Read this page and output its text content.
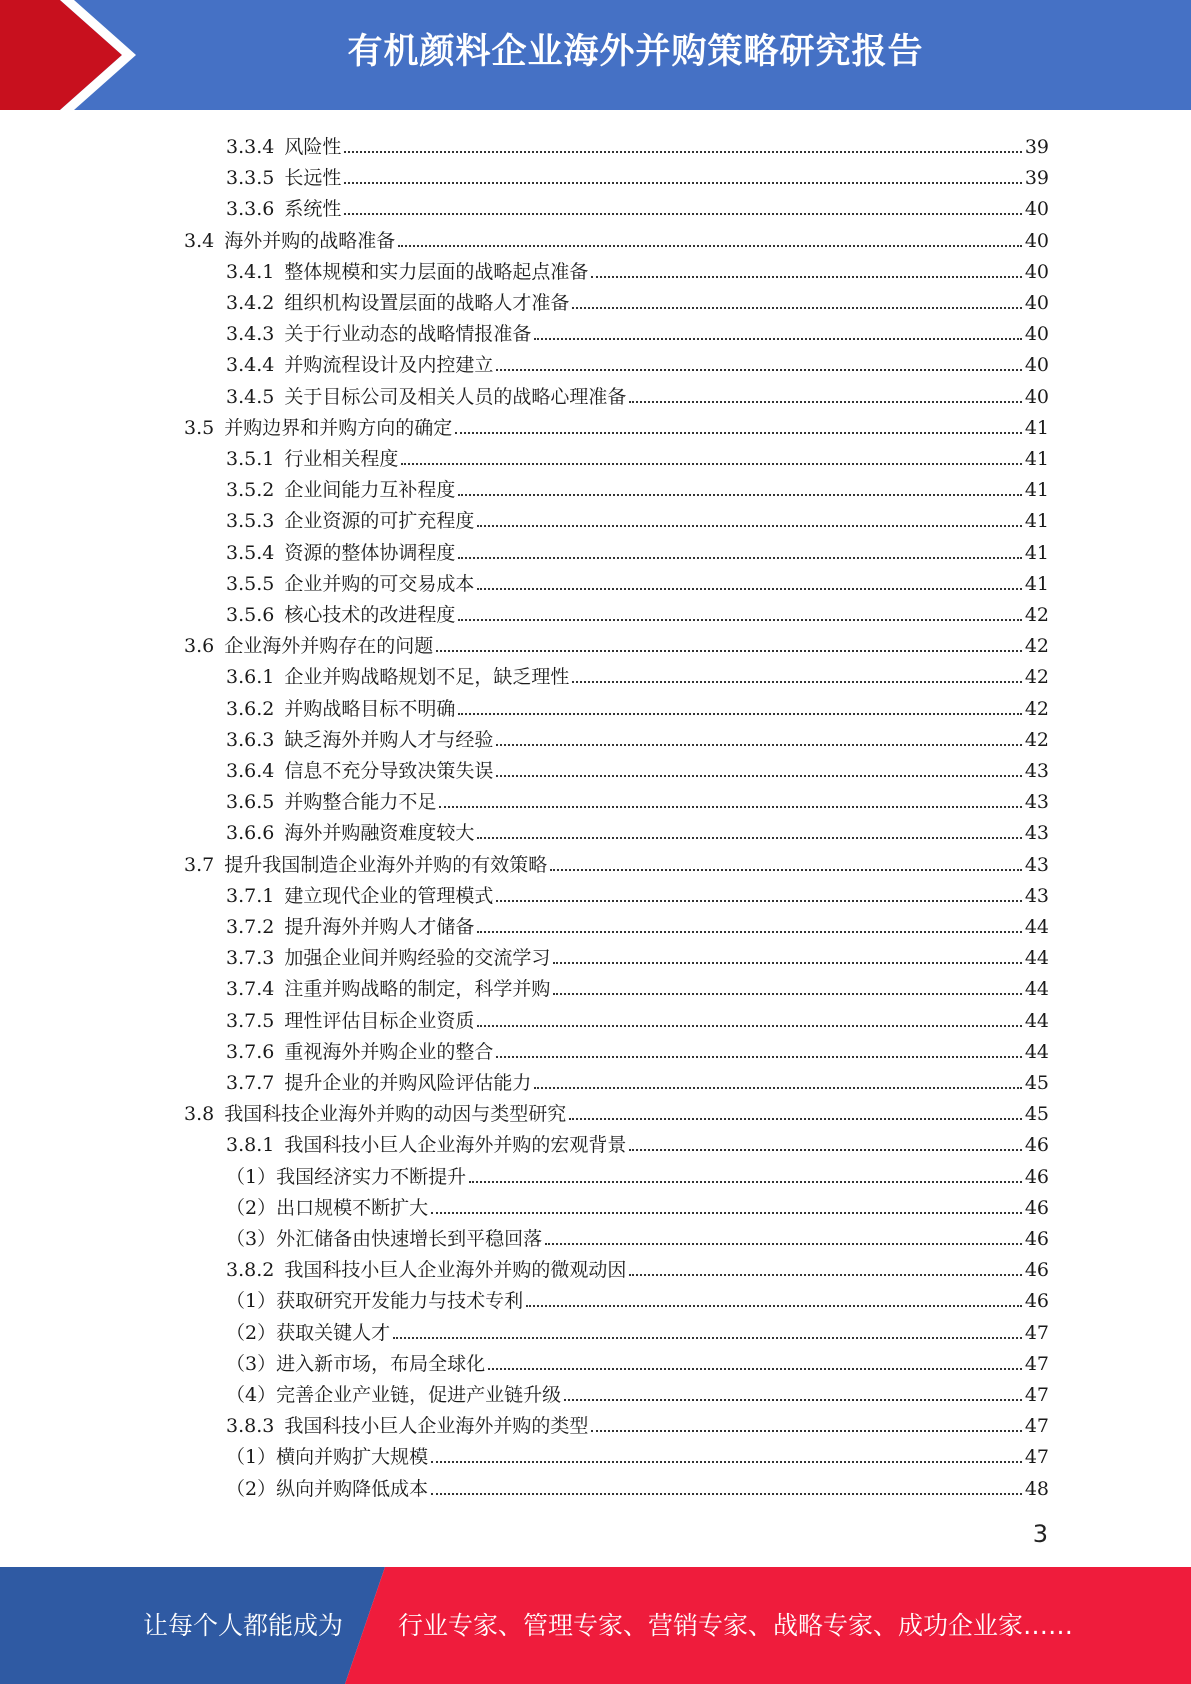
有机颜料企业海外并购策略研究报告
3.3.4 风险性	39
3.3.5 长远性	39
3.3.6 系统性	40
3.4 海外并购的战略准备	40
3.4.1 整体规模和实力层面的战略起点准备	40
3.4.2 组织机构设置层面的战略人才准备	40
3.4.3 关于行业动态的战略情报准备	40
3.4.4 并购流程设计及内控建立	40
3.4.5 关于目标公司及相关人员的战略心理准备	40
3.5 并购边界和并购方向的确定	41
3.5.1 行业相关程度	41
3.5.2 企业间能力互补程度	41
3.5.3 企业资源的可扩充程度	41
3.5.4 资源的整体协调程度	41
3.5.5 企业并购的可交易成本	41
3.5.6 核心技术的改进程度	42
3.6 企业海外并购存在的问题	42
3.6.1 企业并购战略规划不足，缺乏理性	42
3.6.2 并购战略目标不明确	42
3.6.3 缺乏海外并购人才与经验	42
3.6.4 信息不充分导致决策失误	43
3.6.5 并购整合能力不足	43
3.6.6 海外并购融资难度较大	43
3.7 提升我国制造企业海外并购的有效策略	43
3.7.1 建立现代企业的管理模式	43
3.7.2 提升海外并购人才储备	44
3.7.3 加强企业间并购经验的交流学习	44
3.7.4 注重并购战略的制定，科学并购	44
3.7.5 理性评估目标企业资质	44
3.7.6 重视海外并购企业的整合	44
3.7.7 提升企业的并购风险评估能力	45
3.8 我国科技企业海外并购的动因与类型研究	45
3.8.1 我国科技小巨人企业海外并购的宏观背景	46
（1）我国经济实力不断提升	46
（2）出口规模不断扩大	46
（3）外汇储备由快速增长到平稳回落	46
3.8.2 我国科技小巨人企业海外并购的微观动因	46
（1）获取研究开发能力与技术专利	46
（2）获取关键人才	47
（3）进入新市场，布局全球化	47
（4）完善企业产业链，促进产业链升级	47
3.8.3 我国科技小巨人企业海外并购的类型	47
（1）横向并购扩大规模	47
（2）纵向并购降低成本	48
3
让每个人都能成为 行业专家、管理专家、营销专家、战略专家、成功企业家……
